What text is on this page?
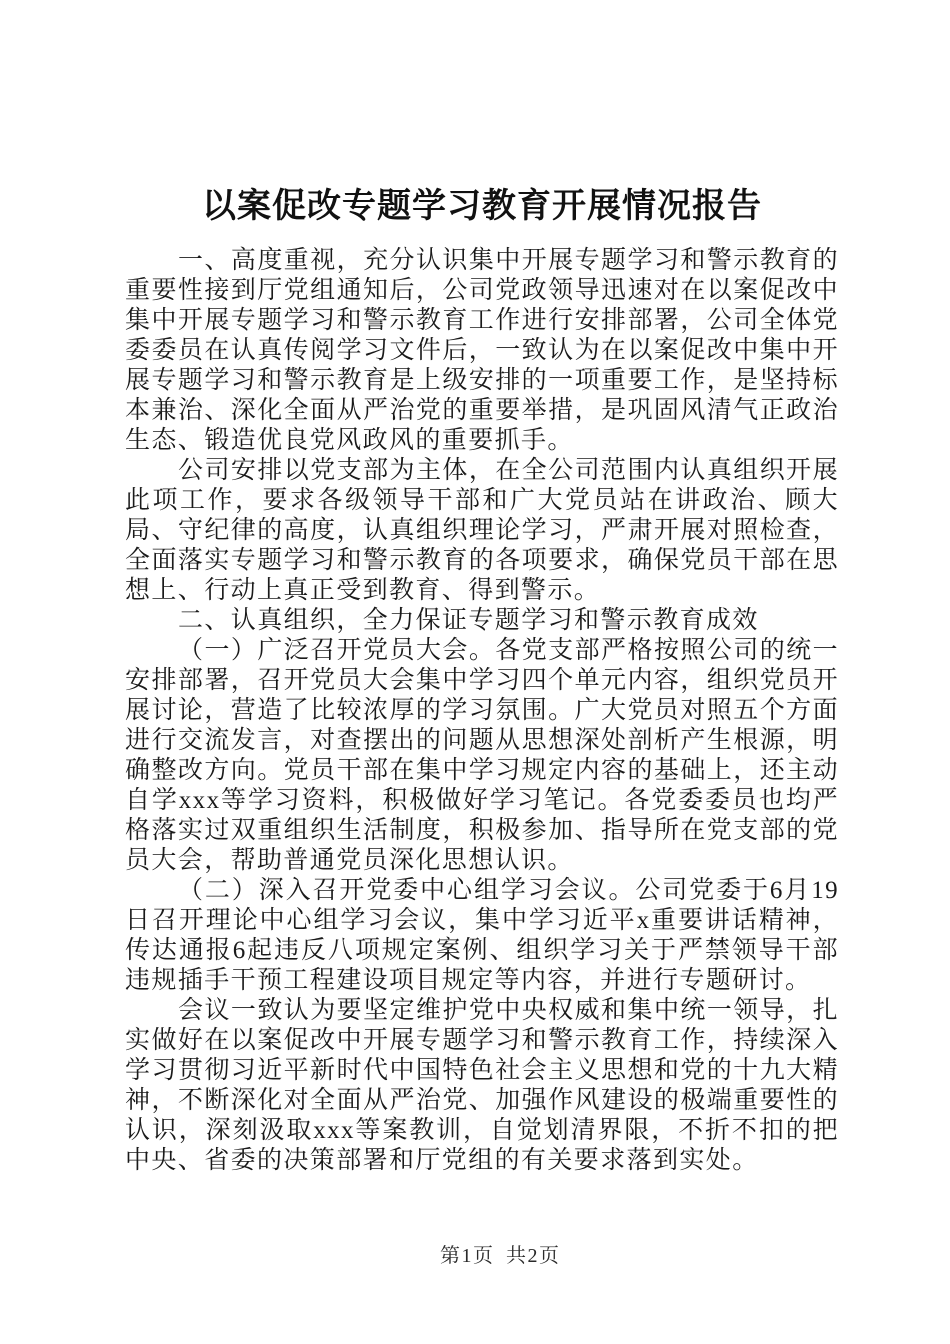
以案促改专题学习教育开展情况报告

一、高度重视，充分认识集中开展专题学习和警示教育的重要性接到厅党组通知后，公司党政领导迅速对在以案促改中集中开展专题学习和警示教育工作进行安排部署，公司全体党委委员在认真传阅学习文件后，一致认为在以案促改中集中开展专题学习和警示教育是上级安排的一项重要工作，是坚持标本兼治、深化全面从严治党的重要举措，是巩固风清气正政治生态、锻造优良党风政风的重要抓手。

公司安排以党支部为主体，在全公司范围内认真组织开展此项工作，要求各级领导干部和广大党员站在讲政治、顾大局、守纪律的高度，认真组织理论学习，严肃开展对照检查，全面落实专题学习和警示教育的各项要求，确保党员干部在思想上、行动上真正受到教育、得到警示。

二、认真组织，全力保证专题学习和警示教育成效

（一）广泛召开党员大会。各党支部严格按照公司的统一安排部署，召开党员大会集中学习四个单元内容，组织党员开展讨论，营造了比较浓厚的学习氛围。广大党员对照五个方面进行交流发言，对查摆出的问题从思想深处剖析产生根源，明确整改方向。党员干部在集中学习规定内容的基础上，还主动自学xxx等学习资料，积极做好学习笔记。各党委委员也均严格落实过双重组织生活制度，积极参加、指导所在党支部的党员大会，帮助普通党员深化思想认识。

（二）深入召开党委中心组学习会议。公司党委于6月19日召开理论中心组学习会议，集中学习近平x重要讲话精神，传达通报6起违反八项规定案例、组织学习关于严禁领导干部违规插手干预工程建设项目规定等内容，并进行专题研讨。

会议一致认为要坚定维护党中央权威和集中统一领导，扎实做好在以案促改中开展专题学习和警示教育工作，持续深入学习贯彻习近平新时代中国特色社会主义思想和党的十九大精神，不断深化对全面从严治党、加强作风建设的极端重要性的认识，深刻汲取xxx等案教训，自觉划清界限，不折不扣的把中央、省委的决策部署和厅党组的有关要求落到实处。

第1页 共2页
